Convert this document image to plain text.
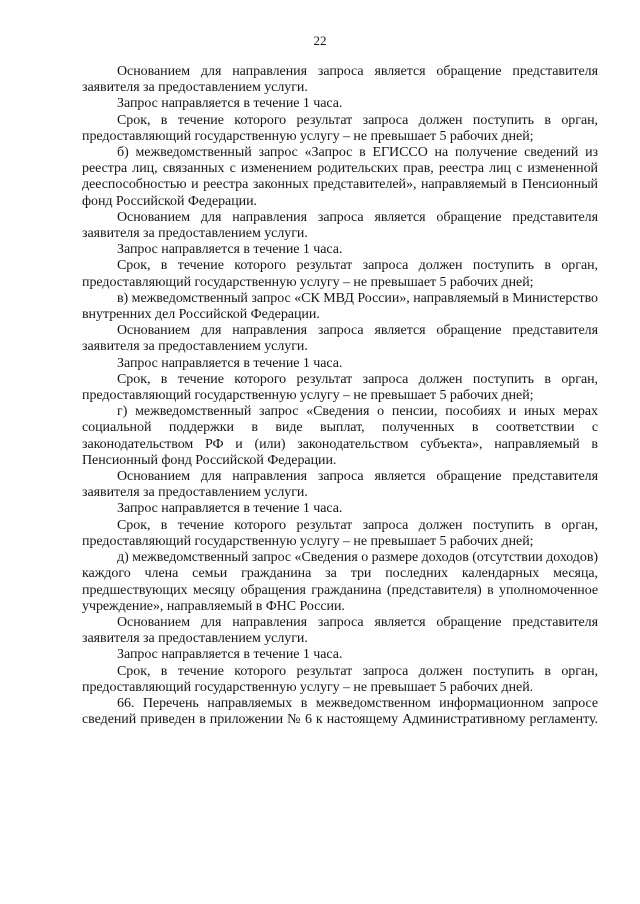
22

Основанием для направления запроса является обращение представителя заявителя за предоставлением услуги.

Запрос направляется в течение 1 часа.

Срок, в течение которого результат запроса должен поступить в орган, предоставляющий государственную услугу – не превышает 5 рабочих дней;

б) межведомственный запрос «Запрос в ЕГИССО на получение сведений из реестра лиц, связанных с изменением родительских прав, реестра лиц с измененной дееспособностью и реестра законных представителей», направляемый в Пенсионный фонд Российской Федерации.

Основанием для направления запроса является обращение представителя заявителя за предоставлением услуги.

Запрос направляется в течение 1 часа.

Срок, в течение которого результат запроса должен поступить в орган, предоставляющий государственную услугу – не превышает 5 рабочих дней;

в) межведомственный запрос «СК МВД России», направляемый в Министерство внутренних дел Российской Федерации.

Основанием для направления запроса является обращение представителя заявителя за предоставлением услуги.

Запрос направляется в течение 1 часа.

Срок, в течение которого результат запроса должен поступить в орган, предоставляющий государственную услугу – не превышает 5 рабочих дней;

г) межведомственный запрос «Сведения о пенсии, пособиях и иных мерах социальной поддержки в виде выплат, полученных в соответствии с законодательством РФ и (или) законодательством субъекта», направляемый в Пенсионный фонд Российской Федерации.

Основанием для направления запроса является обращение представителя заявителя за предоставлением услуги.

Запрос направляется в течение 1 часа.

Срок, в течение которого результат запроса должен поступить в орган, предоставляющий государственную услугу – не превышает 5 рабочих дней;

д) межведомственный запрос «Сведения о размере доходов (отсутствии доходов) каждого члена семьи гражданина за три последних календарных месяца, предшествующих месяцу обращения гражданина (представителя) в уполномоченное учреждение», направляемый в ФНС России.

Основанием для направления запроса является обращение представителя заявителя за предоставлением услуги.

Запрос направляется в течение 1 часа.

Срок, в течение которого результат запроса должен поступить в орган, предоставляющий государственную услугу – не превышает 5 рабочих дней.

66. Перечень направляемых в межведомственном информационном запросе сведений приведен в приложении № 6 к настоящему Административному регламенту.
